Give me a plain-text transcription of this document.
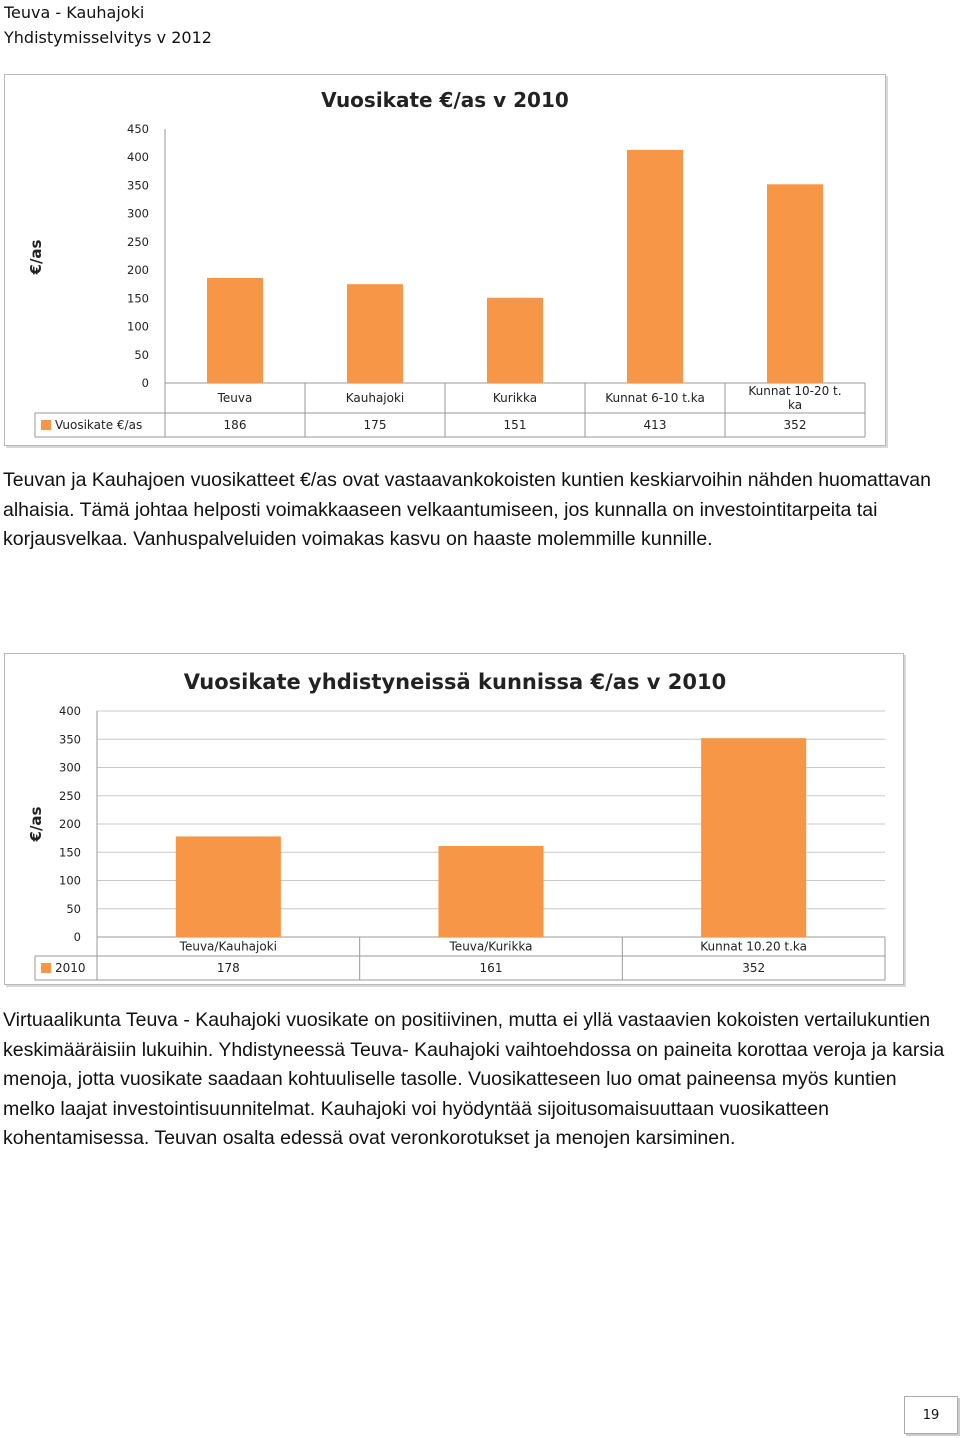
Teuva - Kauhajoki
Yhdistymisselvitys v 2012
Vuosikate €/as v 2010
€/as
0
50
100
150
200
250
300
350
400
450
Teuva	Kauhajoki	Kurikka	Kunnat 6-10 t.ka	Kunnat 10-20 t. ka
Vuosikate €/as	186	175	151	413	352

Teuvan ja Kauhajoen vuosikatteet €/as ovat vastaavankokoisten kuntien keskiarvoihin nähden huomattavan alhaisia. Tämä johtaa helposti voimakkaaseen velkaantumiseen, jos kunnalla on investointitarpeita tai korjausvelkaa. Vanhuspalveluiden voimakas kasvu on haaste molemmille kunnille.

Vuosikate yhdistyneissä kunnissa €/as v 2010
€/as
0
50
100
150
200
250
300
350
400
Teuva/Kauhajoki	Teuva/Kurikka	Kunnat 10.20 t.ka
2010	178	161	352

Virtuaalikunta Teuva - Kauhajoki vuosikate on positiivinen, mutta ei yllä vastaavien kokoisten vertailukuntien keskimääräisiin lukuihin. Yhdistyneessä Teuva- Kauhajoki vaihtoehdossa on paineita korottaa veroja ja karsia menoja, jotta vuosikate saadaan kohtuuliselle tasolle. Vuosikatteseen luo omat paineensa myös kuntien melko laajat investointisuunnitelmat. Kauhajoki voi hyödyntää sijoitusomaisuuttaan vuosikatteen kohentamisessa. Teuvan osalta edessä ovat veronkorotukset ja menojen karsiminen.

19
